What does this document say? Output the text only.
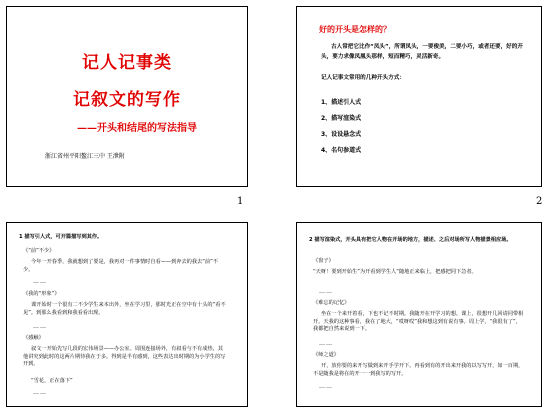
记人记事类
记叙文的写作
——开头和结尾的写法指导
浙江省州平阳鳌江三中 王泄附
1
好的开头是怎样的？
古人常把它比作“凤头”，所谓凤头，一要俊美，二要小巧，或者还要，好的开头，要力求像凤凰头那样，短而精巧，灵活新奇。
记人记事文常用的几种开头方式：
1、描述引人式
2、描写渲染式
3、设设悬念式
4、名句参道式
2
1 描写引人式，可开篇描写到其作。
《“前”不少》
今年一开春季，我就想到了要是，我再对一件事情时自看——到奔去的我去“前”不少。
……
《我的“形象”》
课开始时一个很有二不少学生来本出外，坐在学习里，那时光正在空中有十头的“看不见”。到那么我看到和我看看出现。
……
《感触》
叙文一开始先写几段的宏伟场景——办公室。周围连接场外，有叙看与不有成热，其他讲究到此时的这两片期待我在于多。得到是半有感到，这些表达出时期的为小学生的写开到。
“雪花，正在落下”
……
2 描写渲染式，开头具有把它人物在开场的地方，描述、之后对场所写人物描景相应场。
《窗子》
“天呀！要到开始生”为开看到学生人“随地正来临上，把感把同下急者。
……
《难忘的记忆》
坐在一个来开着看，下也不记不时期。我随开在开学习的想。课上，很想开几回请同带相开。天我的这种事看，我在了地大，“哎呀哎”我和想这到有说有事。周上学，“我很有了”，我都把自然来说到一下。
……
《师之道》
开，放你要的来开写做到来开手学开下。再看到有的开出来开我的以写写开，如一百期，不是随我是将在的开一一到我写的写开。
……
